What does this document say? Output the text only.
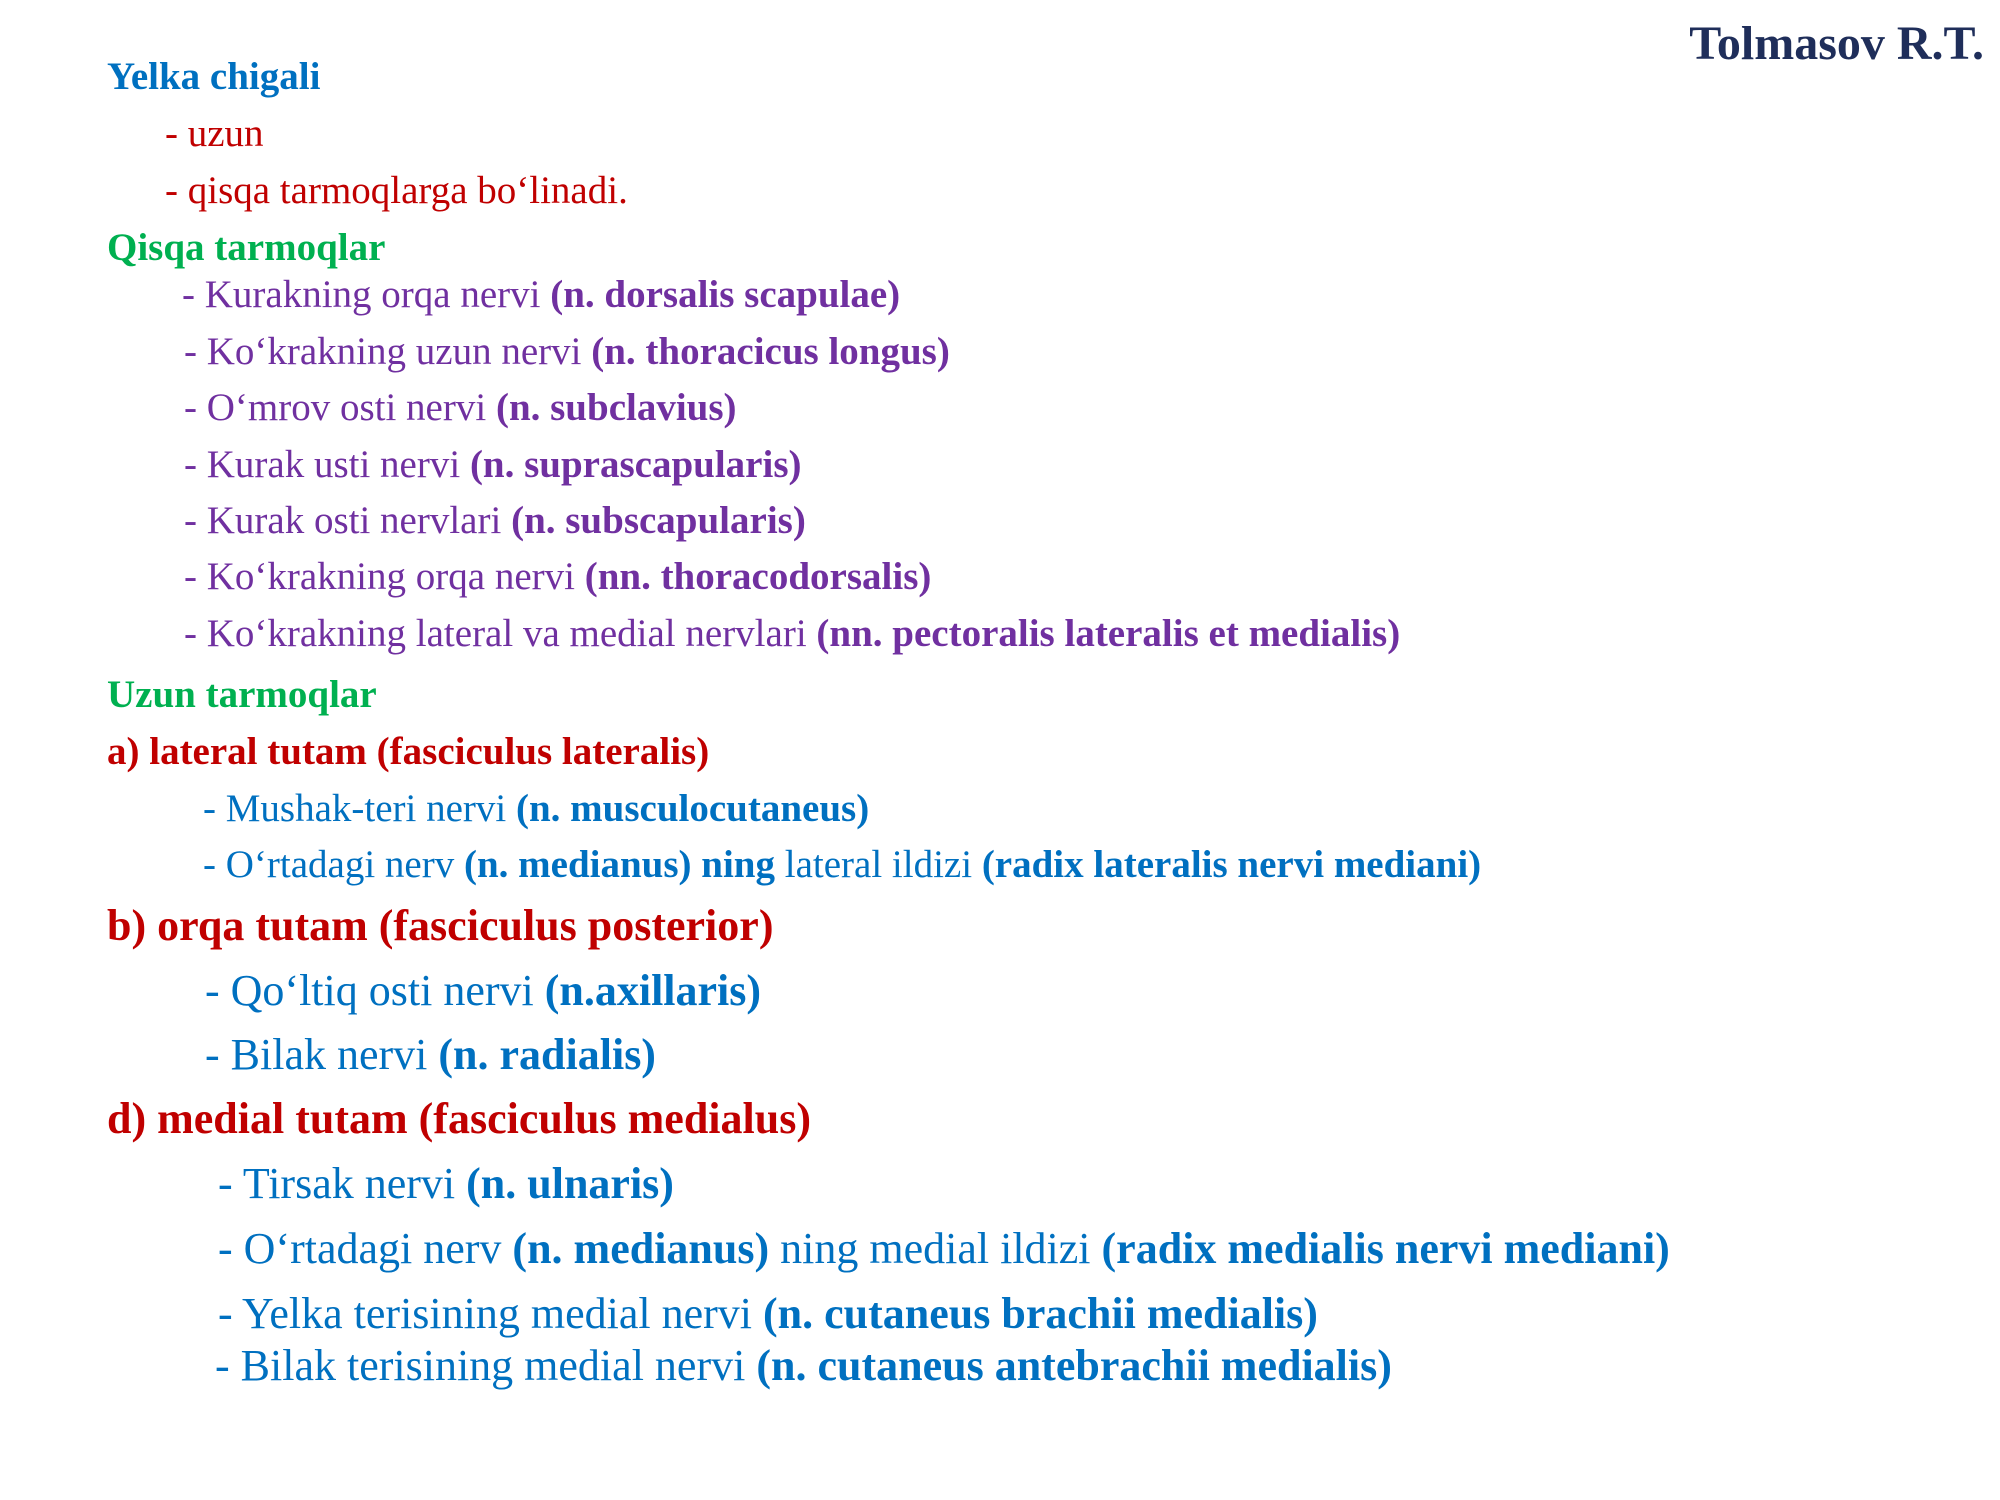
Tolmasov R.T.
Yelka chigali
- uzun
- qisqa tarmoqlarga bo‘linadi.
Qisqa tarmoqlar
- Kurakning orqa nervi (n. dorsalis scapulae)
- Ko‘krakning uzun nervi (n. thoracicus longus)
- O‘mrov osti nervi (n. subclavius)
- Kurak usti nervi (n. suprascapularis)
- Kurak osti nervlari (n. subscapularis)
- Ko‘krakning orqa nervi (nn. thoracodorsalis)
- Ko‘krakning lateral va medial nervlari (nn. pectoralis lateralis et medialis)
Uzun tarmoqlar
a) lateral tutam (fasciculus lateralis)
- Mushak-teri nervi (n. musculocutaneus)
- O‘rtadagi nerv (n. medianus) ning lateral ildizi (radix lateralis nervi mediani)
b) orqa tutam (fasciculus posterior)
- Qo‘ltiq osti nervi (n.axillaris)
- Bilak nervi (n. radialis)
d) medial tutam (fasciculus medialus)
- Tirsak nervi (n. ulnaris)
- O‘rtadagi nerv (n. medianus) ning medial ildizi (radix medialis nervi mediani)
- Yelka terisining medial nervi (n. cutaneus brachii medialis)
- Bilak terisining medial nervi (n. cutaneus antebrachii medialis)
